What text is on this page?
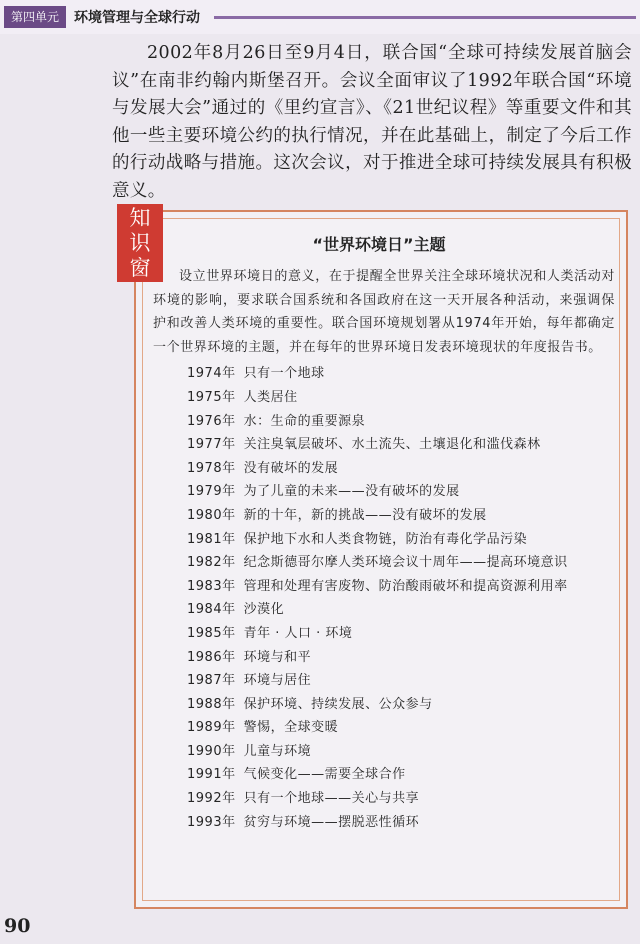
第四单元	环境管理与全球行动

2002年8月26日至9月4日，联合国“全球可持续发展首脑会议”在南非约翰内斯堡召开。会议全面审议了1992年联合国“环境与发展大会”通过的《里约宣言》、《21世纪议程》等重要文件和其他一些主要环境公约的执行情况，并在此基础上，制定了今后工作的行动战略与措施。这次会议，对于推进全球可持续发展具有积极意义。

知
识
窗
“世界环境日”主题

设立世界环境日的意义，在于提醒全世界关注全球环境状况和人类活动对环境的影响，要求联合国系统和各国政府在这一天开展各种活动，来强调保护和改善人类环境的重要性。联合国环境规划署从1974年开始，每年都确定一个世界环境的主题，并在每年的世界环境日发表环境现状的年度报告书。

1974年 只有一个地球
1975年 人类居住
1976年 水：生命的重要源泉
1977年 关注臭氧层破坏、水土流失、土壤退化和滥伐森林
1978年 没有破坏的发展
1979年 为了儿童的未来——没有破坏的发展
1980年 新的十年，新的挑战——没有破坏的发展
1981年 保护地下水和人类食物链，防治有毒化学品污染
1982年 纪念斯德哥尔摩人类环境会议十周年——提高环境意识
1983年 管理和处理有害废物、防治酸雨破坏和提高资源利用率
1984年 沙漠化
1985年 青年 · 人口 · 环境
1986年 环境与和平
1987年 环境与居住
1988年 保护环境、持续发展、公众参与
1989年 警惕，全球变暖
1990年 儿童与环境
1991年 气候变化——需要全球合作
1992年 只有一个地球——关心与共享
1993年 贫穷与环境——摆脱恶性循环
90
